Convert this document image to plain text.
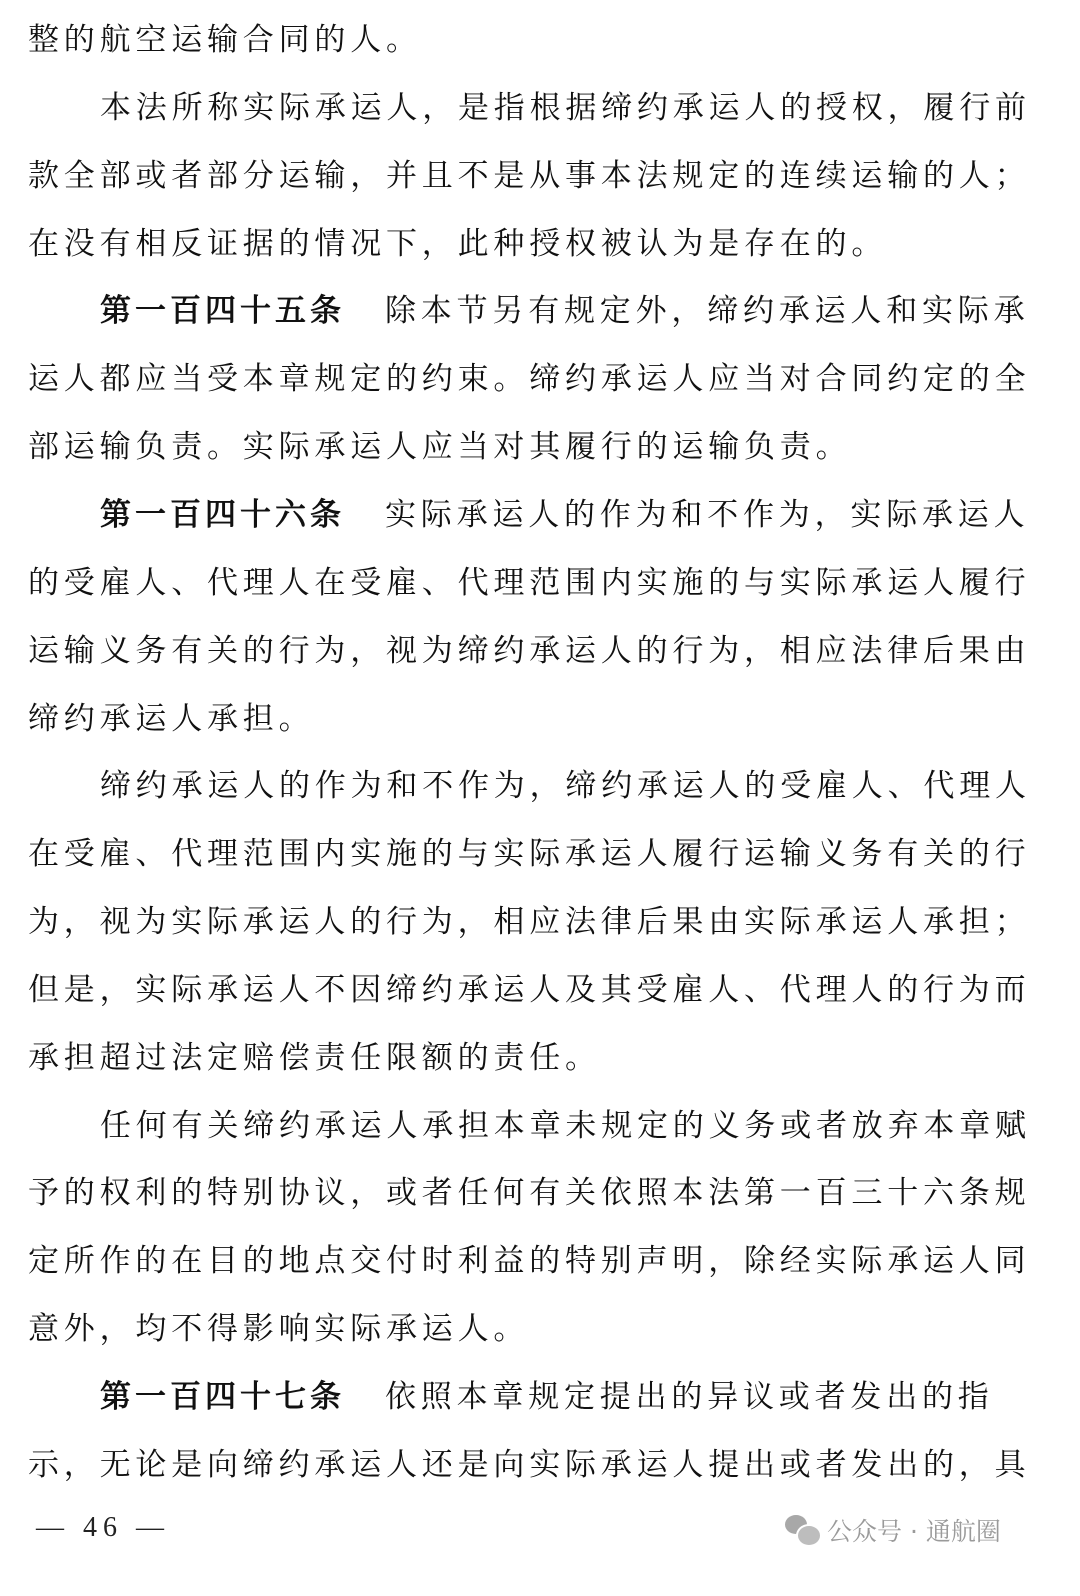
整的航空运输合同的人。
本法所称实际承运人，是指根据缔约承运人的授权，履行前
款全部或者部分运输，并且不是从事本法规定的连续运输的人；
在没有相反证据的情况下，此种授权被认为是存在的。
第一百四十五条 除本节另有规定外，缔约承运人和实际承
运人都应当受本章规定的约束。缔约承运人应当对合同约定的全
部运输负责。实际承运人应当对其履行的运输负责。
第一百四十六条 实际承运人的作为和不作为，实际承运人
的受雇人、代理人在受雇、代理范围内实施的与实际承运人履行
运输义务有关的行为，视为缔约承运人的行为，相应法律后果由
缔约承运人承担。
缔约承运人的作为和不作为，缔约承运人的受雇人、代理人
在受雇、代理范围内实施的与实际承运人履行运输义务有关的行
为，视为实际承运人的行为，相应法律后果由实际承运人承担；
但是，实际承运人不因缔约承运人及其受雇人、代理人的行为而
承担超过法定赔偿责任限额的责任。
任何有关缔约承运人承担本章未规定的义务或者放弃本章赋
予的权利的特别协议，或者任何有关依照本法第一百三十六条规
定所作的在目的地点交付时利益的特别声明，除经实际承运人同
意外，均不得影响实际承运人。
第一百四十七条 依照本章规定提出的异议或者发出的指
示，无论是向缔约承运人还是向实际承运人提出或者发出的，具
— 46 —	公众号 · 通航圈
